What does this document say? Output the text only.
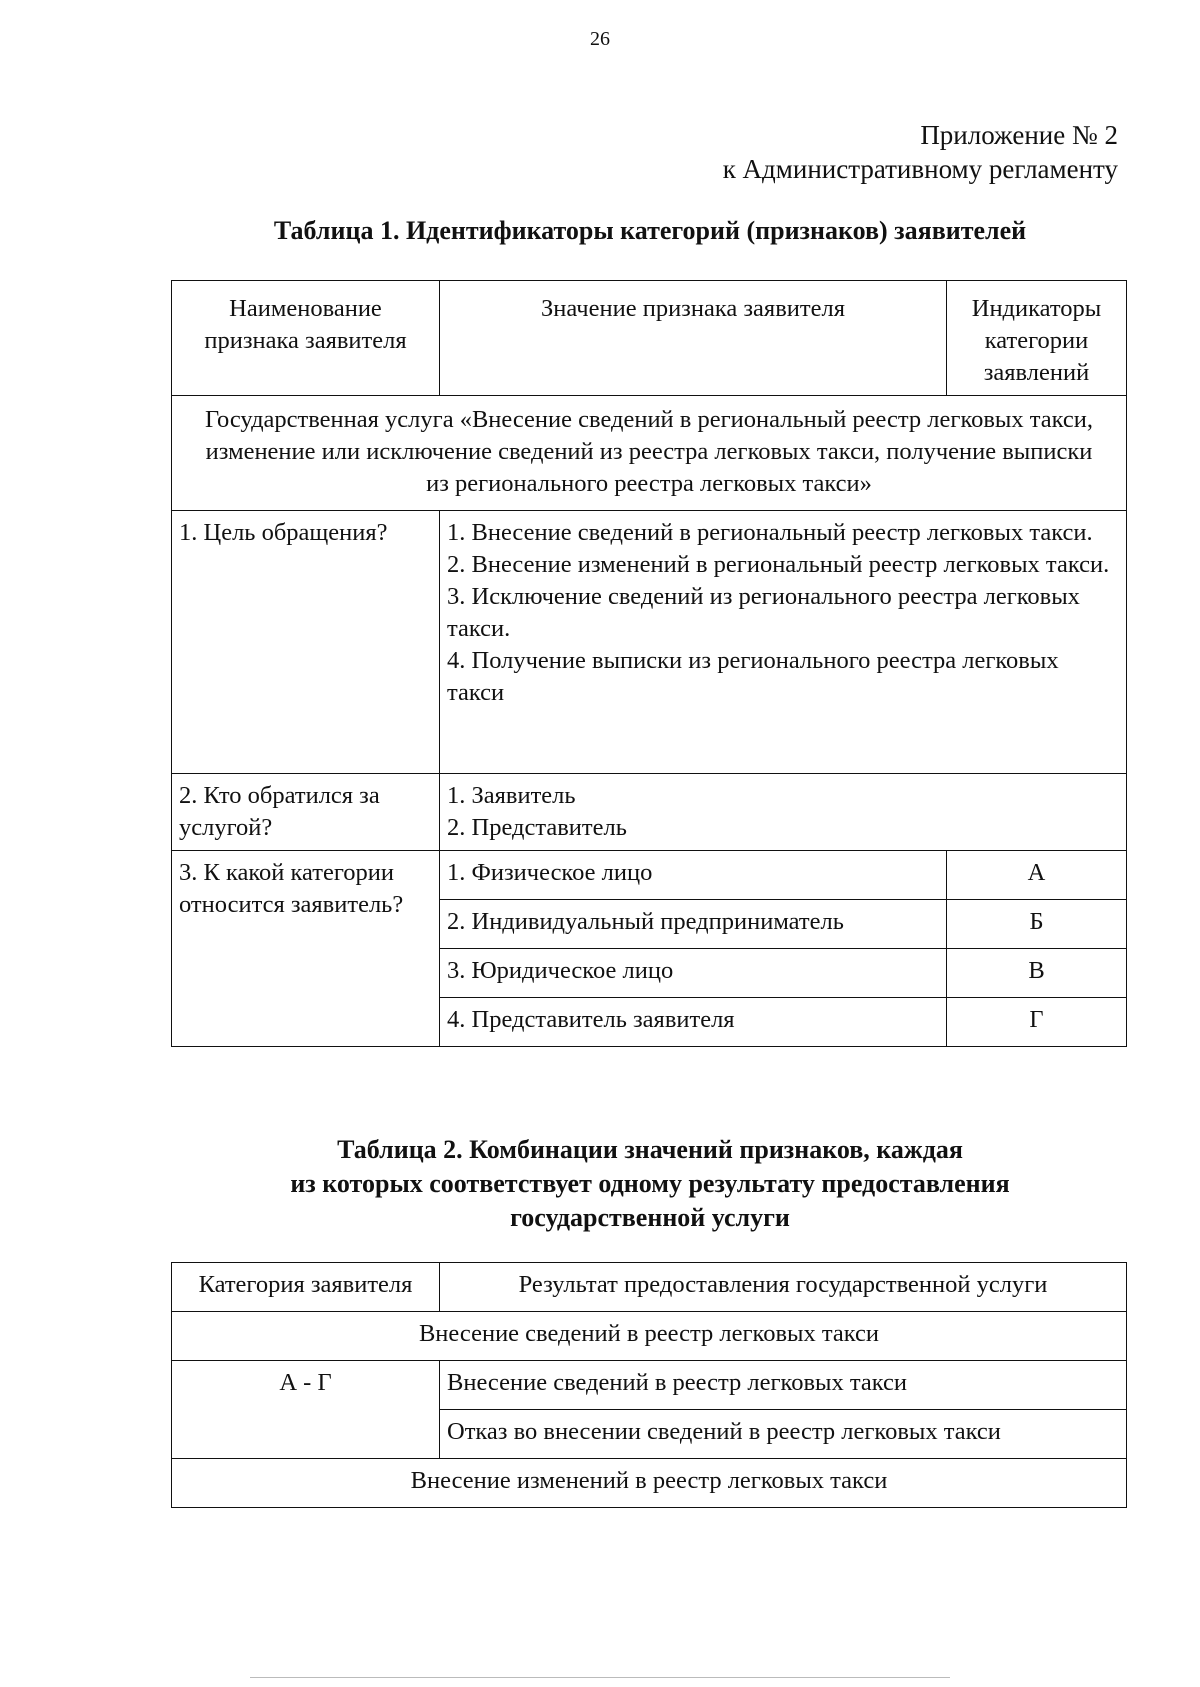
26
Приложение № 2
к Административному регламенту
Таблица 1. Идентификаторы категорий (признаков) заявителей
Наименование признака заявителя	Значение признака заявителя	Индикаторы категории заявлений
Государственная услуга «Внесение сведений в региональный реестр легковых такси, изменение или исключение сведений из реестра легковых такси, получение выписки из регионального реестра легковых такси»		
1. Цель обращения?	1. Внесение сведений в региональный реестр легковых такси.
2. Внесение изменений в региональный реестр легковых такси.
3. Исключение сведений из регионального реестра легковых такси.
4. Получение выписки из регионального реестра легковых такси	

2. Кто обратился за услугой?	1. Заявитель
2. Представитель	

3. К какой категории относится заявитель?	1. Физическое лицо	А
	2. Индивидуальный предприниматель	Б
	3. Юридическое лицо	В
	4. Представитель заявителя	Г
Таблица 2. Комбинации значений признаков, каждая
из которых соответствует одному результату предоставления
государственной услуги
Категория заявителя	Результат предоставления государственной услуги
Внесение сведений в реестр легковых такси	
А - Г	Внесение сведений в реестр легковых такси
	Отказ во внесении сведений в реестр легковых такси
Внесение изменений в реестр легковых такси	
